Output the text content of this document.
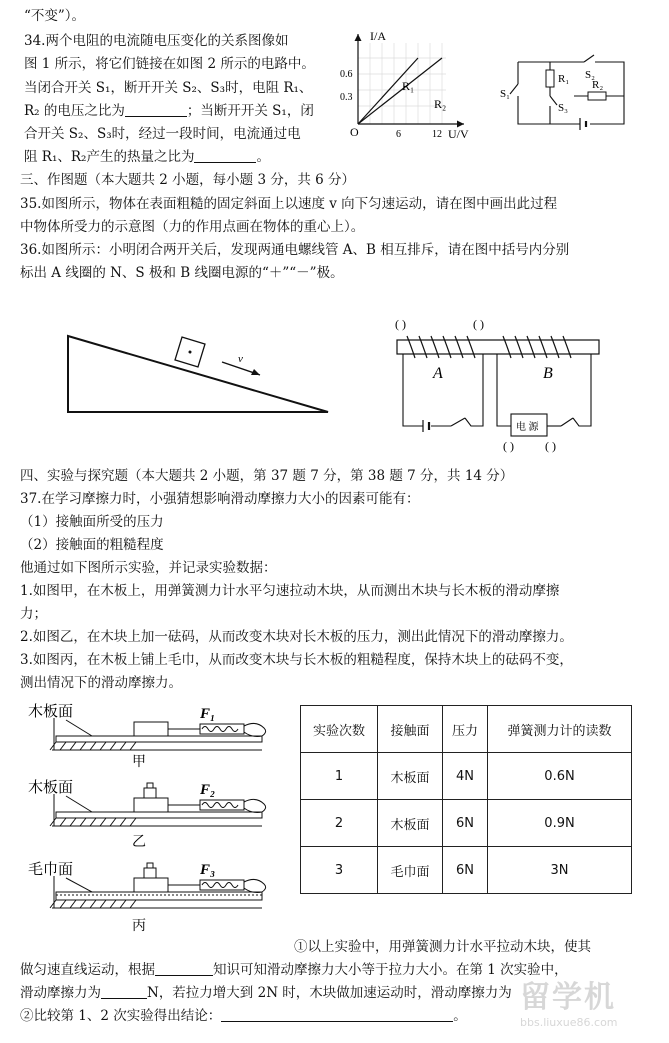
“不变”）。
34.两个电阻的电流随电压变化的关系图像如
图 1 所示，将它们链接在如图 2 所示的电路中。
当闭合开关 S₁，断开开关 S₂、S₃时，电阻 R₁、
R₂ 的电压之比为	；当断开开关 S₁，闭
合开关 S₂、S₃时，经过一段时间，电流通过电
阻 R₁、R₂产生的热量之比为	。
三、作图题（本大题共 2 小题，每小题 3 分，共 6 分）
35.如图所示，物体在表面粗糙的固定斜面上以速度 v 向下匀速运动，请在图中画出此过程
中物体所受力的示意图（力的作用点画在物体的重心上）。
36.如图所示：小明闭合两开关后，发现两通电螺线管 A、B 相互排斥，请在图中括号内分别
标出 A 线圈的 N、S 极和 B 线圈电源的“＋”“－”极。
四、实验与探究题（本大题共 2 小题，第 37 题 7 分，第 38 题 7 分，共 14 分）
37.在学习摩擦力时，小强猜想影响滑动摩擦力大小的因素可能有：
（1）接触面所受的压力
（2）接触面的粗糙程度
他通过如下图所示实验，并记录实验数据：
1.如图甲，在木板上，用弹簧测力计水平匀速拉动木块，从而测出木块与长木板的滑动摩擦
力；
2.如图乙，在木块上加一砝码，从而改变木块对长木板的压力，测出此情况下的滑动摩擦力。
3.如图丙，在木板上铺上毛巾，从而改变木块与长木板的粗糙程度，保持木块上的砝码不变，
测出情况下的滑动摩擦力。
①以上实验中，用弹簧测力计水平拉动木块，使其
做匀速直线运动，根据	知识可知滑动摩擦力大小等于拉力大小。在第 1 次实验中，
滑动摩擦力为	N，若拉力增大到 2N 时，木块做加速运动时，滑动摩擦力为
②比较第 1、2 次实验得出结论：	。
I/A
U/V
0.6
0.3
6	12
O
R₁
R₂
S₁
S₂
S₃
R₁ R₂
v
( )	( )
电 源
A	B
( )	( )
木板面	F₁
甲
木板面	F₂
乙
毛巾面	F₃
丙
实验次数	接触面	压力	弹簧测力计的读数
1	木板面	4N	0.6N
2	木板面	6N	0.9N
3	毛巾面	6N	3N
留学机
bbs.liuxue86.com
